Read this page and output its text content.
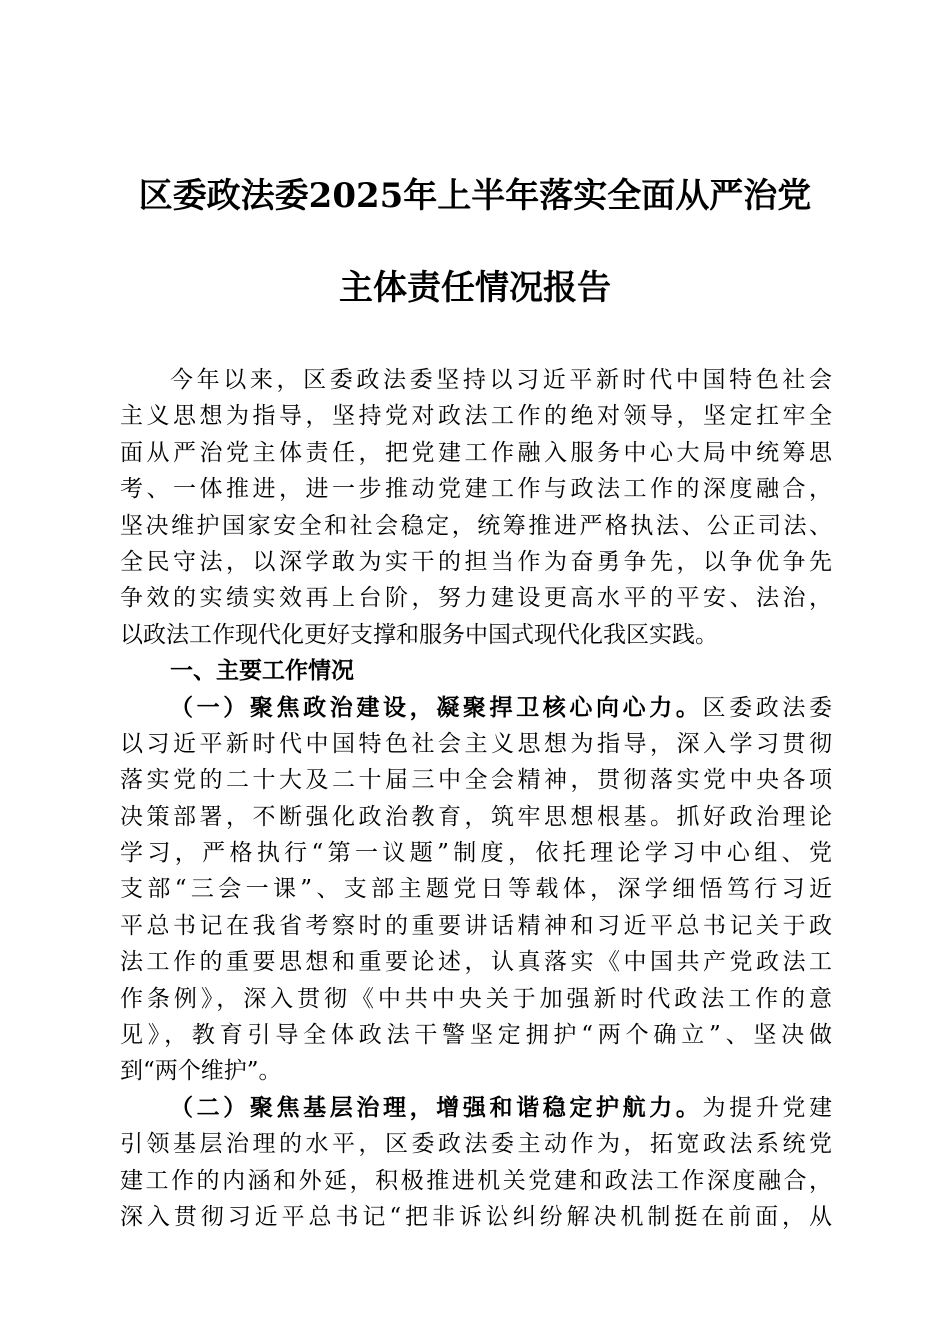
区委政法委2025年上半年落实全面从严治党
主体责任情况报告
今年以来，区委政法委坚持以习近平新时代中国特色社会
主义思想为指导，坚持党对政法工作的绝对领导，坚定扛牢全
面从严治党主体责任，把党建工作融入服务中心大局中统筹思
考、一体推进，进一步推动党建工作与政法工作的深度融合，
坚决维护国家安全和社会稳定，统筹推进严格执法、公正司法、
全民守法，以深学敢为实干的担当作为奋勇争先，以争优争先
争效的实绩实效再上台阶，努力建设更高水平的平安、法治，
以政法工作现代化更好支撑和服务中国式现代化我区实践。
一、主要工作情况
（一）聚焦政治建设，凝聚捍卫核心向心力。区委政法委
以习近平新时代中国特色社会主义思想为指导，深入学习贯彻
落实党的二十大及二十届三中全会精神，贯彻落实党中央各项
决策部署，不断强化政治教育，筑牢思想根基。抓好政治理论
学习，严格执行“第一议题”制度，依托理论学习中心组、党
支部“三会一课”、支部主题党日等载体，深学细悟笃行习近
平总书记在我省考察时的重要讲话精神和习近平总书记关于政
法工作的重要思想和重要论述，认真落实《中国共产党政法工
作条例》，深入贯彻《中共中央关于加强新时代政法工作的意
见》，教育引导全体政法干警坚定拥护“两个确立”、坚决做
到“两个维护”。
（二）聚焦基层治理，增强和谐稳定护航力。为提升党建
引领基层治理的水平，区委政法委主动作为，拓宽政法系统党
建工作的内涵和外延，积极推进机关党建和政法工作深度融合，
深入贯彻习近平总书记“把非诉讼纠纷解决机制挺在前面，从
